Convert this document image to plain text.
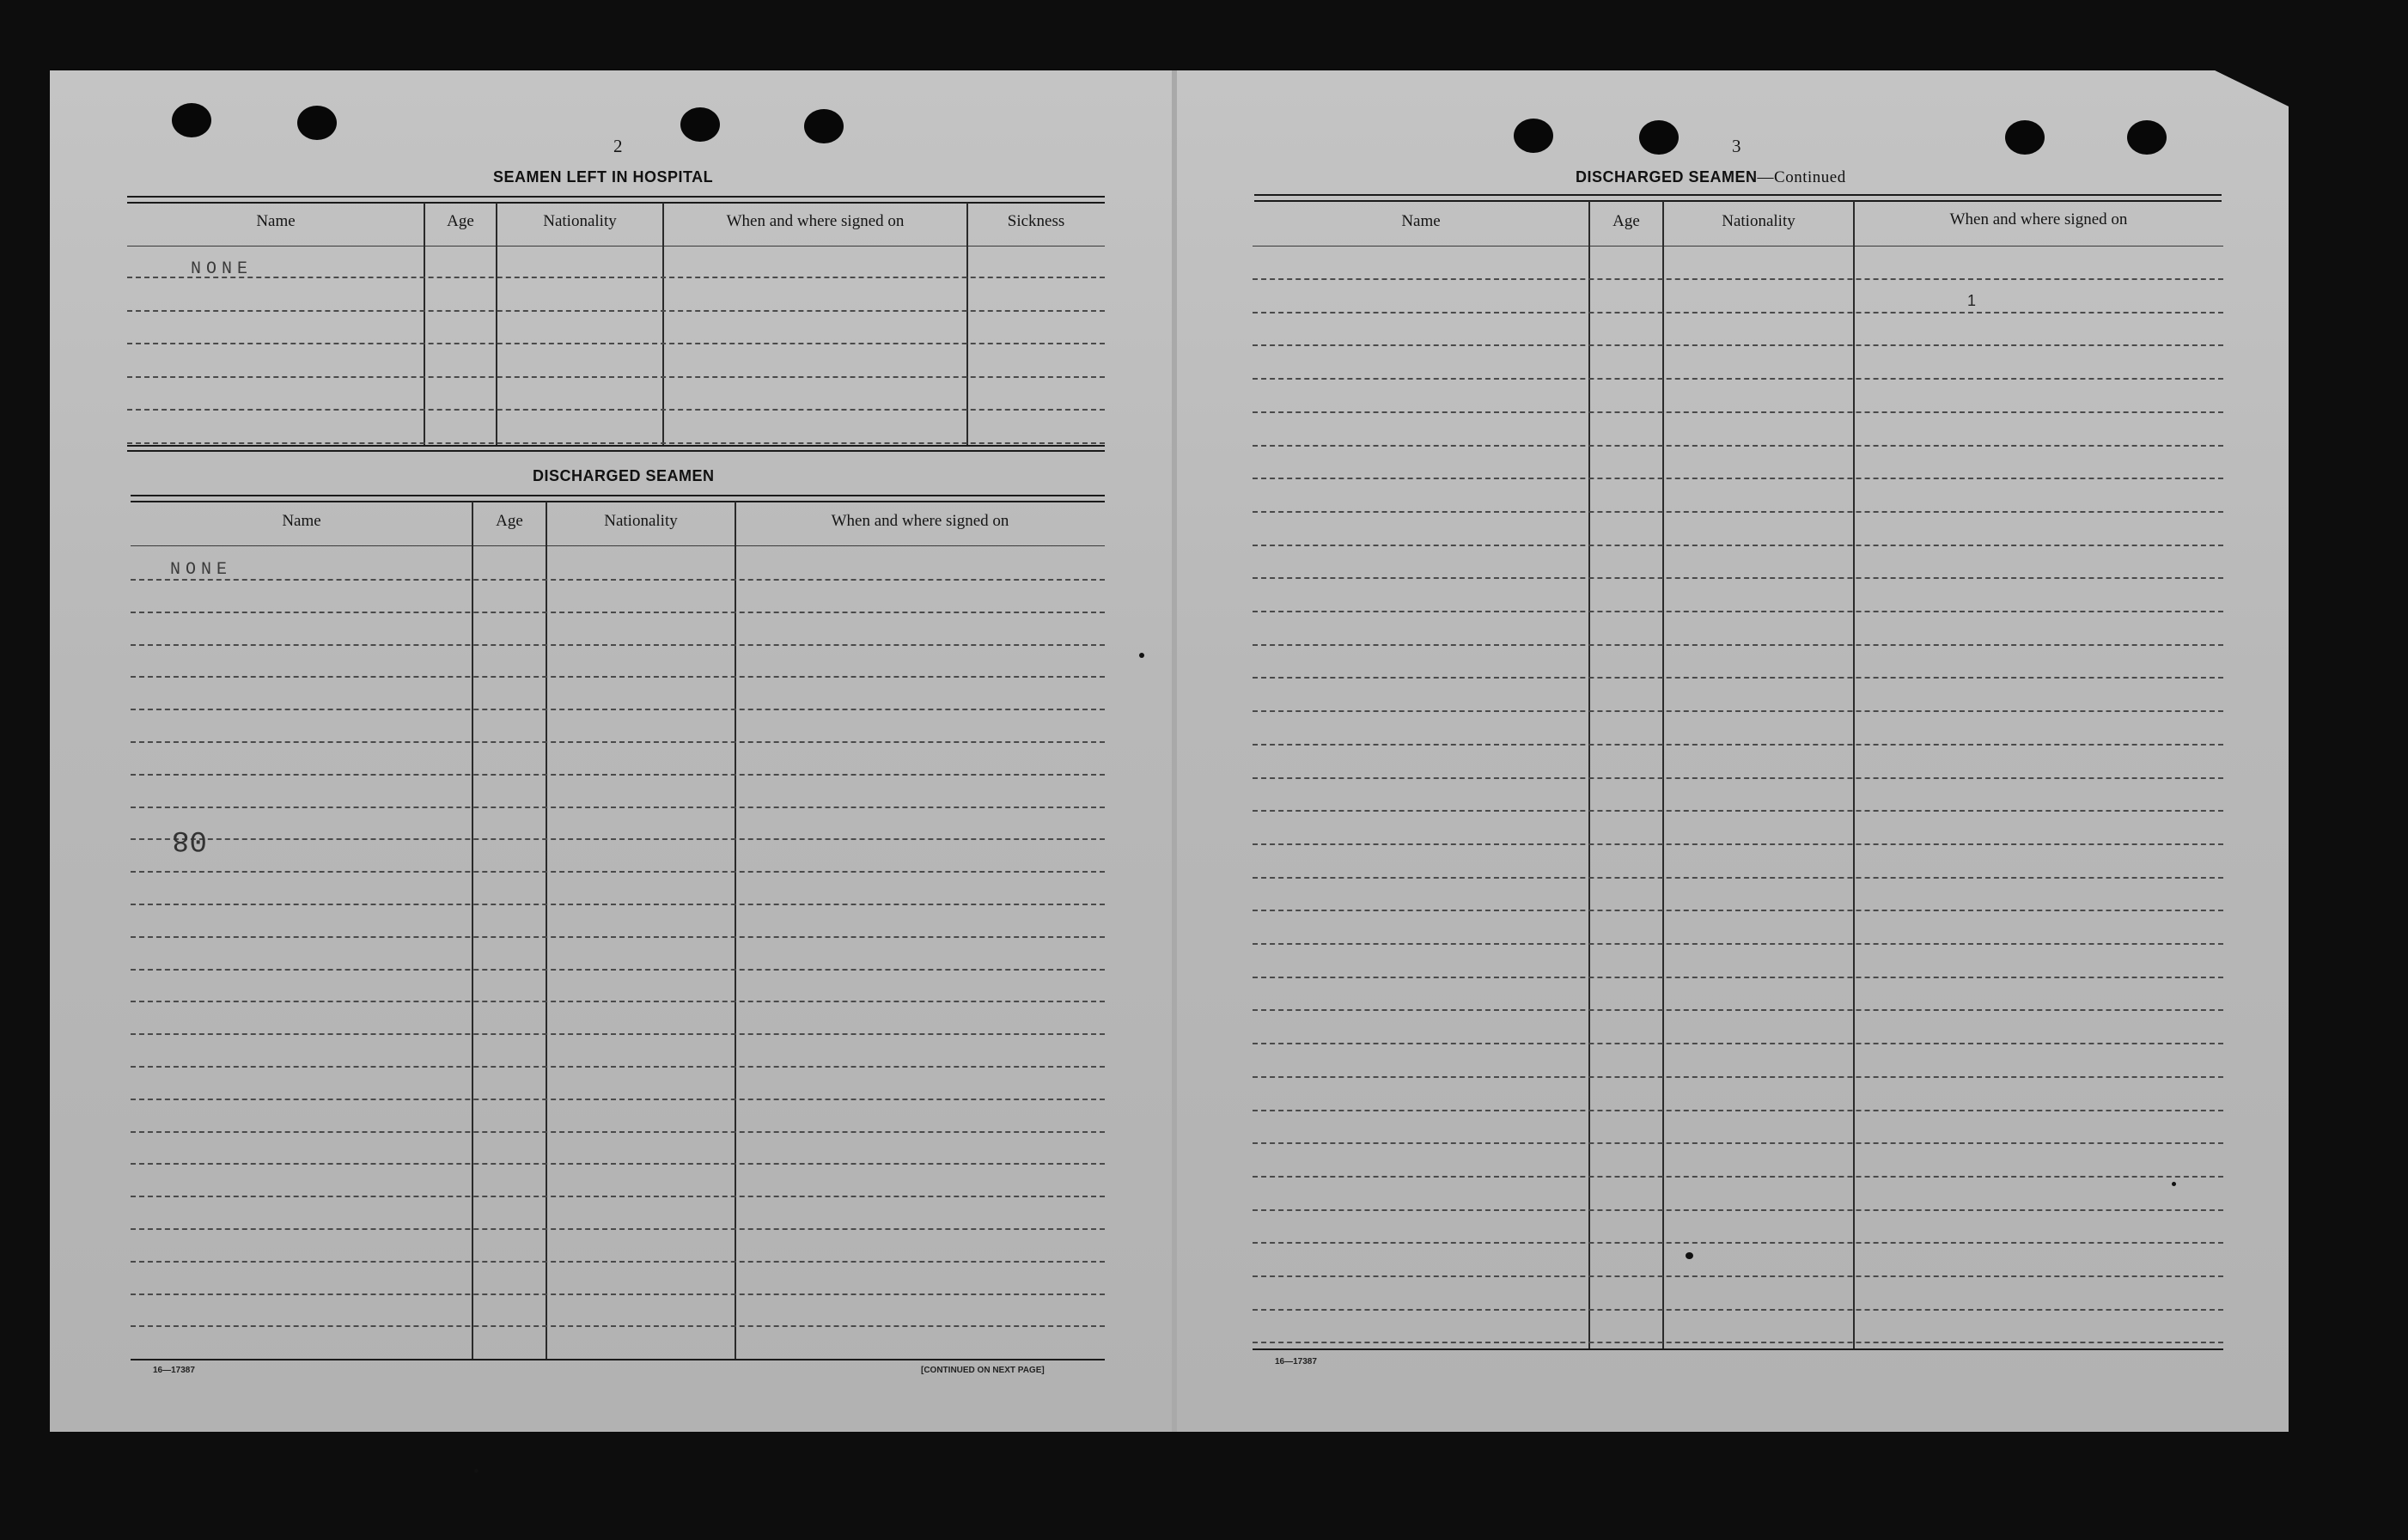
2
SEAMEN LEFT IN HOSPITAL
Name	Age	Nationality	When and where signed on	Sickness
NONE
DISCHARGED SEAMEN
Name	Age	Nationality	When and where signed on
NONE
08
16—17387	[CONTINUED ON NEXT PAGE]
3
DISCHARGED SEAMEN—Continued
Name	Age	Nationality	When and where signed on
1
16—17387
